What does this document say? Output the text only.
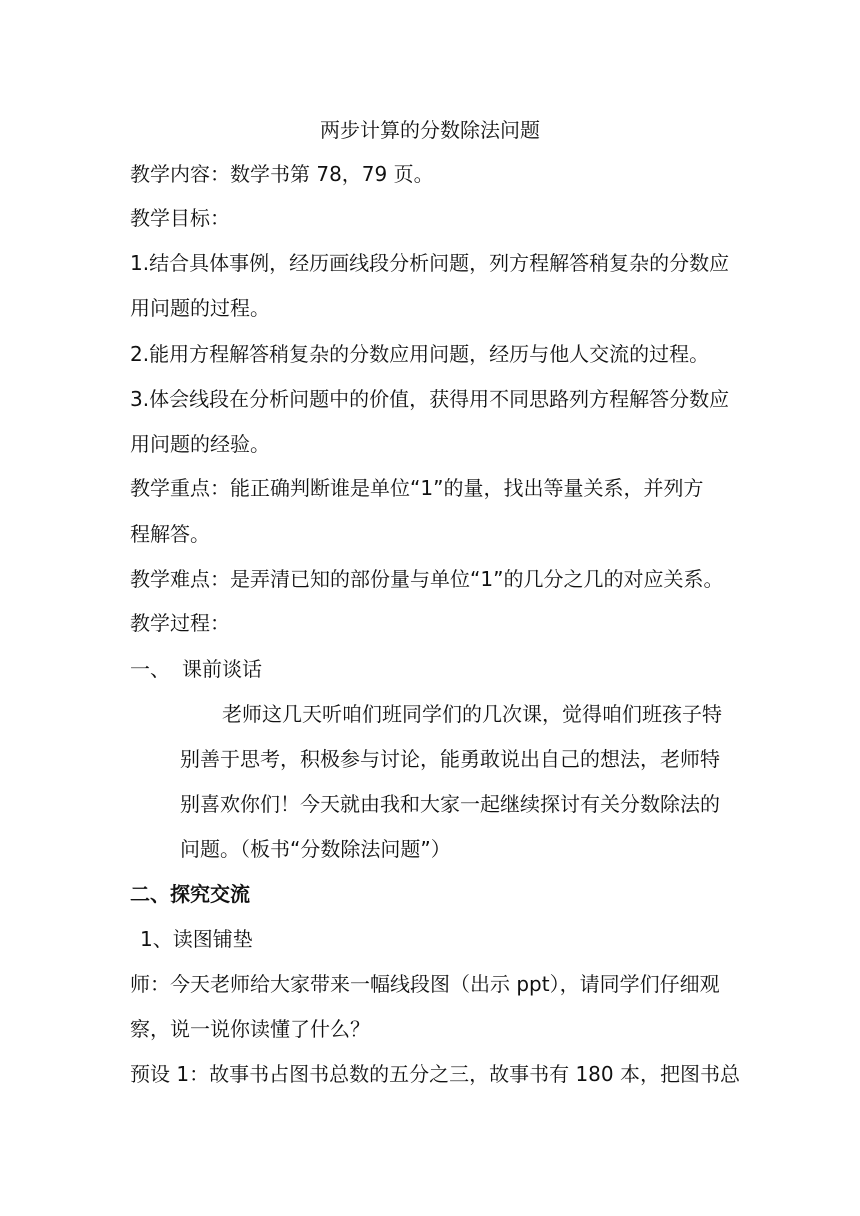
两步计算的分数除法问题
教学内容：数学书第 78，79 页。
教学目标：
1.结合具体事例，经历画线段分析问题，列方程解答稍复杂的分数应
用问题的过程。
2.能用方程解答稍复杂的分数应用问题，经历与他人交流的过程。
3.体会线段在分析问题中的价值，获得用不同思路列方程解答分数应
用问题的经验。
教学重点：能正确判断谁是单位“1”的量，找出等量关系，并列方
程解答。
教学难点：是弄清已知的部份量与单位“1”的几分之几的对应关系。
教学过程：
一、 课前谈话
老师这几天听咱们班同学们的几次课，觉得咱们班孩子特
别善于思考，积极参与讨论，能勇敢说出自己的想法，老师特
别喜欢你们！今天就由我和大家一起继续探讨有关分数除法的
问题。（板书“分数除法问题”）
二、探究交流
1、读图铺垫
师：今天老师给大家带来一幅线段图（出示 ppt），请同学们仔细观
察，说一说你读懂了什么？
预设 1：故事书占图书总数的五分之三，故事书有 180 本，把图书总
